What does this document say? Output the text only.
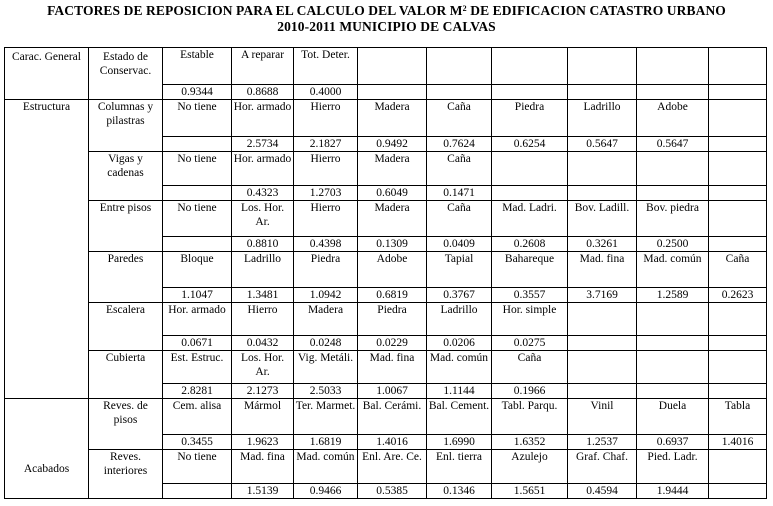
FACTORES DE REPOSICION PARA EL CALCULO DEL VALOR $M^2$ DE EDIFICACION CATASTRO URBANO
2010-2011 MUNICIPIO DE CALVAS
Carac. General	Estado de Conservac.	Estable	A reparar	Tot. Deter.						
		0.9344	0.8688	0.4000						
Estructura	Columnas y pilastras	No tiene	Hor. armado	Hierro	Madera	Caña	Piedra	Ladrillo	Adobe	
			2.5734	2.1827	0.9492	0.7624	0.6254	0.5647	0.5647	
	Vigas y cadenas	No tiene	Hor. armado	Hierro	Madera	Caña				
			0.4323	1.2703	0.6049	0.1471				
	Entre pisos	No tiene	Los. Hor. Ar.	Hierro	Madera	Caña	Mad. Ladri.	Bov. Ladill.	Bov. piedra	
			0.8810	0.4398	0.1309	0.0409	0.2608	0.3261	0.2500	
	Paredes	Bloque	Ladrillo	Piedra	Adobe	Tapial	Bahareque	Mad. fina	Mad. común	Caña
		1.1047	1.3481	1.0942	0.6819	0.3767	0.3557	3.7169	1.2589	0.2623
	Escalera	Hor. armado	Hierro	Madera	Piedra	Ladrillo	Hor. simple			
		0.0671	0.0432	0.0248	0.0229	0.0206	0.0275			
	Cubierta	Est. Estruc.	Los. Hor. Ar.	Vig. Metáli.	Mad. fina	Mad. común	Caña			
		2.8281	2.1273	2.5033	1.0067	1.1144	0.1966			
Acabados	Reves. de pisos	Cem. alisa	Mármol	Ter. Marmet.	Bal. Cerámi.	Bal. Cement.	Tabl. Parqu.	Vinil	Duela	Tabla
		0.3455	1.9623	1.6819	1.4016	1.6990	1.6352	1.2537	0.6937	1.4016
	Reves. interiores	No tiene	Mad. fina	Mad. común	Enl. Are. Ce.	Enl. tierra	Azulejo	Graf. Chaf.	Pied. Ladr.	
			1.5139	0.9466	0.5385	0.1346	1.5651	0.4594	1.9444	
